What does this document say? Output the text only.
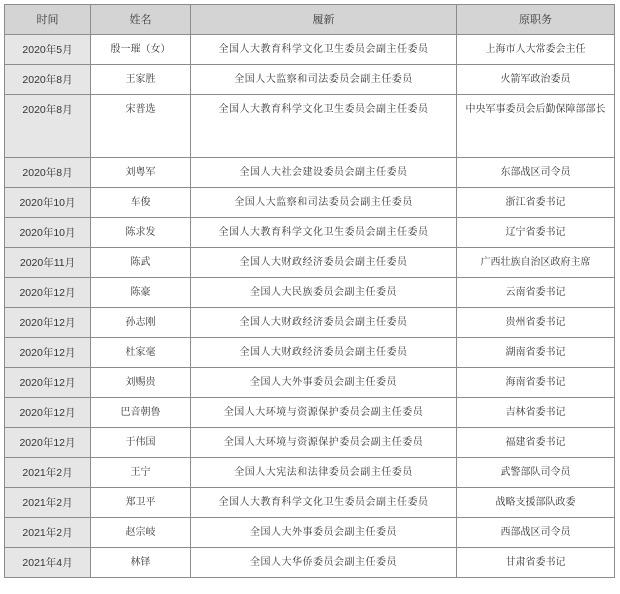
时间	姓名	履新	原职务
2020年5月	殷一璀（女）	全国人大教育科学文化卫生委员会副主任委员	上海市人大常委会主任
2020年8月	王家胜	全国人大监察和司法委员会副主任委员	火箭军政治委员
2020年8月	宋普选	全国人大教育科学文化卫生委员会副主任委员	中央军事委员会后勤保障部部长
2020年8月	刘粤军	全国人大社会建设委员会副主任委员	东部战区司令员
2020年10月	车俊	全国人大监察和司法委员会副主任委员	浙江省委书记
2020年10月	陈求发	全国人大教育科学文化卫生委员会副主任委员	辽宁省委书记
2020年11月	陈武	全国人大财政经济委员会副主任委员	广西壮族自治区政府主席
2020年12月	陈豪	全国人大民族委员会副主任委员	云南省委书记
2020年12月	孙志刚	全国人大财政经济委员会副主任委员	贵州省委书记
2020年12月	杜家毫	全国人大财政经济委员会副主任委员	湖南省委书记
2020年12月	刘赐贵	全国人大外事委员会副主任委员	海南省委书记
2020年12月	巴音朝鲁	全国人大环境与资源保护委员会副主任委员	吉林省委书记
2020年12月	于伟国	全国人大环境与资源保护委员会副主任委员	福建省委书记
2021年2月	王宁	全国人大宪法和法律委员会副主任委员	武警部队司令员
2021年2月	郑卫平	全国人大教育科学文化卫生委员会副主任委员	战略支援部队政委
2021年2月	赵宗岐	全国人大外事委员会副主任委员	西部战区司令员
2021年4月	林铎	全国人大华侨委员会副主任委员	甘肃省委书记
